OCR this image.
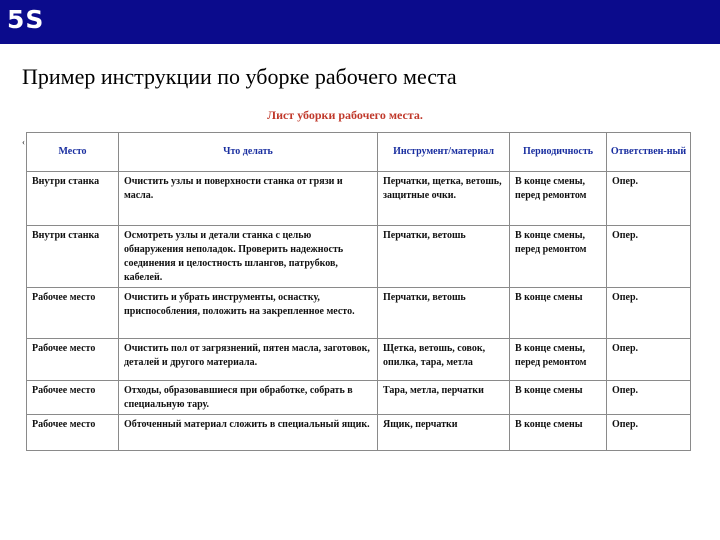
5S
Пример инструкции по уборке рабочего места
Лист уборки рабочего места.
‹
Место	Что делать	Инструмент/материал	Периодичность	Ответствен-ный
Внутри станка	Очистить узлы и поверхности станка от грязи и масла.	Перчатки, щетка, ветошь, защитные очки.	В конце смены, перед ремонтом	Опер.
Внутри станка	Осмотреть узлы и детали станка с целью обнаружения неполадок. Проверить надежность соединения и целостность шлангов, патрубков, кабелей.	Перчатки, ветошь	В конце смены, перед ремонтом	Опер.
Рабочее место	Очистить и убрать инструменты, оснастку, приспособления, положить на закрепленное место.	Перчатки, ветошь	В конце смены	Опер.
Рабочее место	Очистить пол от загрязнений, пятен масла, заготовок, деталей и другого материала.	Щетка, ветошь, совок, опилка, тара, метла	В конце смены, перед ремонтом	Опер.
Рабочее место	Отходы, образовавшиеся при обработке, собрать в специальную тару.	Тара, метла, перчатки	В конце смены	Опер.
Рабочее место	Обточенный материал сложить в специальный ящик.	Ящик, перчатки	В конце смены	Опер.
